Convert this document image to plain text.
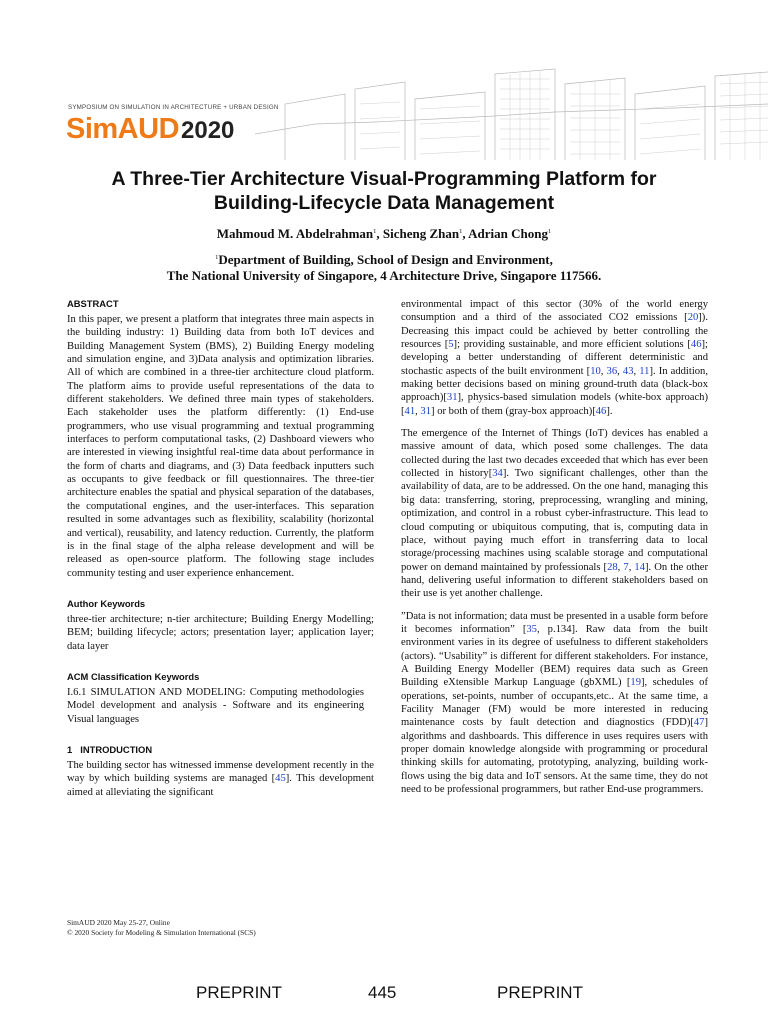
SYMPOSIUM ON SIMULATION IN ARCHITECTURE + URBAN DESIGN
SimAUD2020
A Three-Tier Architecture Visual-Programming Platform for
Building-Lifecycle Data Management
Mahmoud M. Abdelrahman$^1$, Sicheng Zhan$^1$, Adrian Chong$^1$
$^1$Department of Building, School of Design and Environment,
The National University of Singapore, 4 Architecture Drive, Singapore 117566.
ABSTRACT

In this paper, we present a platform that integrates three main aspects in the building industry: 1) Building data from both IoT devices and Building Management System (BMS), 2) Building Energy modeling and simulation engine, and 3)Data analysis and optimization libraries. All of which are combined in a three-tier architecture cloud platform. The platform aims to provide useful representations of the data to different stakeholders. We defined three main types of stakeholders. Each stakeholder uses the platform differently: (1) End-use programmers, who use visual programming and textual programming interfaces to perform computational tasks, (2) Dashboard viewers who are interested in viewing insightful real-time data about performance in the form of charts and diagrams, and (3) Data feedback inputters such as occupants to give feedback or fill questionnaires. The three-tier architecture enables the spatial and physical separation of the databases, the computational engines, and the user-interfaces. This separation resulted in some advantages such as flexibility, scalability (horizontal and vertical), reusability, and latency reduction. Currently, the platform is in the final stage of the alpha release development and will be released as open-source platform. The following stage includes community testing and user experience enhancement.

Author Keywords

three-tier architecture; n-tier architecture; Building Energy Modelling; BEM; building lifecycle; actors; presentation layer; application layer; data layer

ACM Classification Keywords

I.6.1 SIMULATION AND MODELING: Computing methodologiesModel development and analysis - Software and its engineeringVisual languages

1 INTRODUCTION

The building sector has witnessed immense development recently in the way by which building systems are managed [45]. This development aimed at alleviating the significant

environmental impact of this sector (30% of the world energy consumption and a third of the associated CO2 emissions [20]). Decreasing this impact could be achieved by better controlling the resources [5]; providing sustainable, and more efficient solutions [46]; developing a better understanding of different deterministic and stochastic aspects of the built environment [10, 36, 43, 11]. In addition, making better decisions based on mining ground-truth data (black-box approach)[31], physics-based simulation models (white-box approach)[41, 31] or both of them (gray-box approach)[46].

The emergence of the Internet of Things (IoT) devices has enabled a massive amount of data, which posed some challenges. The data collected during the last two decades exceeded that which has ever been collected in history[34]. Two significant challenges, other than the availability of data, are to be addressed. On the one hand, managing this big data: transferring, storing, preprocessing, wrangling and mining, optimization, and control in a robust cyber-infrastructure. This lead to cloud computing or ubiquitous computing, that is, computing data in place, without paying much effort in transferring data to local storage/processing machines using scalable storage and computational power on demand maintained by professionals [28, 7, 14]. On the other hand, delivering useful information to different stakeholders based on their use is yet another challenge.

”Data is not information; data must be presented in a usable form before it becomes information” [35, p.134]. Raw data from the built environment varies in its degree of usefulness to different stakeholders (actors). “Usability” is different for different stakeholders. For instance, A Building Energy Modeller (BEM) requires data such as Green Building eXtensible Markup Language (gbXML) [19], schedules of operations, set-points, number of occupants,etc.. At the same time, a Facility Manager (FM) would be more interested in reducing maintenance costs by fault detection and diagnostics (FDD)[47] algorithms and dashboards. This difference in uses requires users with proper domain knowledge alongside with programming or procedural thinking skills for automating, prototyping, analyzing, building work-flows using the big data and IoT sensors. At the same time, they do not need to be professional programmers, but rather End-use programmers.

SimAUD 2020 May 25-27, Online
© 2020 Society for Modeling & Simulation International (SCS)
PREPRINT	445	PREPRINT
